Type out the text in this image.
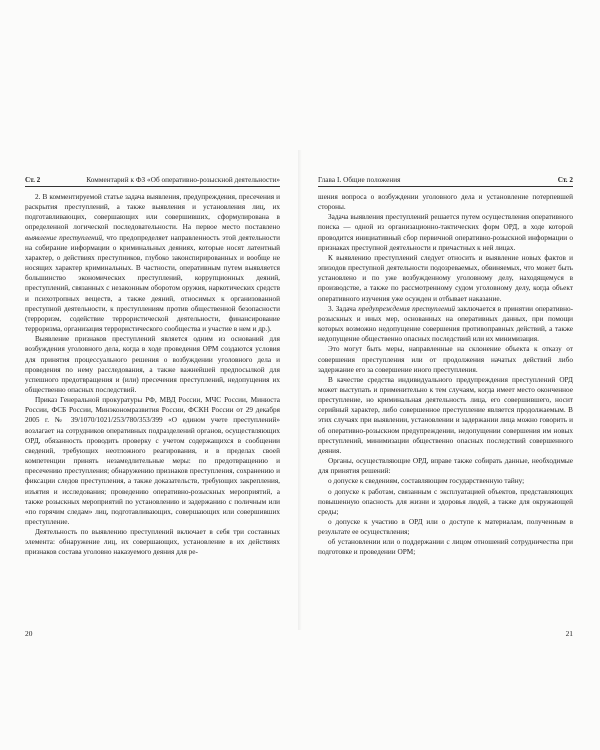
Ст. 2	Комментарий к ФЗ «Об оперативно-розыскной деятельности»

2. В комментируемой статье задача выявления, предупреждения, пресечения и раскрытия преступлений, а также выявления и установления лиц, их подготавливающих, совершающих или совершивших, сформулирована в определенной логической последовательности. На первое место поставлено выявление преступлений, что предопределяет направленность этой деятельности на собирание информации о криминальных деяниях, которые носят латентный характер, о действиях преступников, глубоко законспирированных и вообще не носящих характер криминальных. В частности, оперативным путем выявляется большинство экономических преступлений, коррупционных деяний, преступлений, связанных с незаконным оборотом оружия, наркотических средств и психотропных веществ, а также деяний, относимых к организованной преступной деятельности, к преступлениям против общественной безопасности (терроризм, содействие террористической деятельности, финансирование терроризма, организация террористического сообщества и участие в нем и др.).

Выявление признаков преступлений является одним из оснований для возбуждения уголовного дела, когда в ходе проведения ОРМ создаются условия для принятия процессуального решения о возбуждении уголовного дела и проведения по нему расследования, а также важнейшей предпосылкой для успешного предотвращения и (или) пресечения преступлений, недопущения их общественно опасных последствий.

Приказ Генеральной прокуратуры РФ, МВД России, МЧС России, Минюста России, ФСБ России, Минэкономразвития России, ФСКН России от 29 декабря 2005 г. № 39/1070/1021/253/780/353/399 «О едином учете преступлений» возлагает на сотрудников оперативных подразделений органов, осуществляющих ОРД, обязанность проводить проверку с учетом содержащихся в сообщении сведений, требующих неотложного реагирования, и в пределах своей компетенции принять незамедлительные меры: по предотвращению и пресечению преступления; обнаружению признаков преступления, сохранению и фиксации следов преступления, а также доказательств, требующих закрепления, изъятия и исследования; проведению оперативно-розыскных мероприятий, а также розыскных мероприятий по установлению и задержанию с поличным или «по горячим следам» лиц, подготавливающих, совершающих или совершивших преступление.

Деятельность по выявлению преступлений включает в себя три составных элемента: обнаружение лиц, их совершающих, установление в их действиях признаков состава уголовно наказуемого деяния для ре-

20
Глава I. Общие положения	Ст. 2

шения вопроса о возбуждении уголовного дела и установление потерпевшей стороны.

Задача выявления преступлений решается путем осуществления оперативного поиска — одной из организационно-тактических форм ОРД, в ходе которой проводится инициативный сбор первичной оперативно-розыскной информации о признаках преступной деятельности и причастных к ней лицах.

К выявлению преступлений следует относить и выявление новых фактов и эпизодов преступной деятельности подозреваемых, обвиняемых, что может быть установлено и по уже возбужденному уголовному делу, находящемуся в производстве, а также по рассмотренному судом уголовному делу, когда объект оперативного изучения уже осужден и отбывает наказание.

3. Задача предупреждения преступлений заключается в принятии оперативно-розыскных и иных мер, основанных на оперативных данных, при помощи которых возможно недопущение совершения противоправных действий, а также недопущение общественно опасных последствий или их минимизация.

Это могут быть меры, направленные на склонение объекта к отказу от совершения преступления или от продолжения начатых действий либо задержание его за совершение иного преступления.

В качестве средства индивидуального предупреждения преступлений ОРД может выступать и применительно к тем случаям, когда имеет место оконченное преступление, но криминальная деятельность лица, его совершившего, носит серийный характер, либо совершенное преступление является продолжаемым. В этих случаях при выявлении, установлении и задержании лица можно говорить и об оперативно-розыскном предупреждении, недопущении совершения им новых преступлений, минимизации общественно опасных последствий совершенного деяния.

Органы, осуществляющие ОРД, вправе также собирать данные, необходимые для принятия решений:

о допуске к сведениям, составляющим государственную тайну;

о допуске к работам, связанным с эксплуатацией объектов, представляющих повышенную опасность для жизни и здоровья людей, а также для окружающей среды;

о допуске к участию в ОРД или о доступе к материалам, полученным в результате ее осуществления;

об установлении или о поддержании с лицом отношений сотрудничества при подготовке и проведении ОРМ;

21
